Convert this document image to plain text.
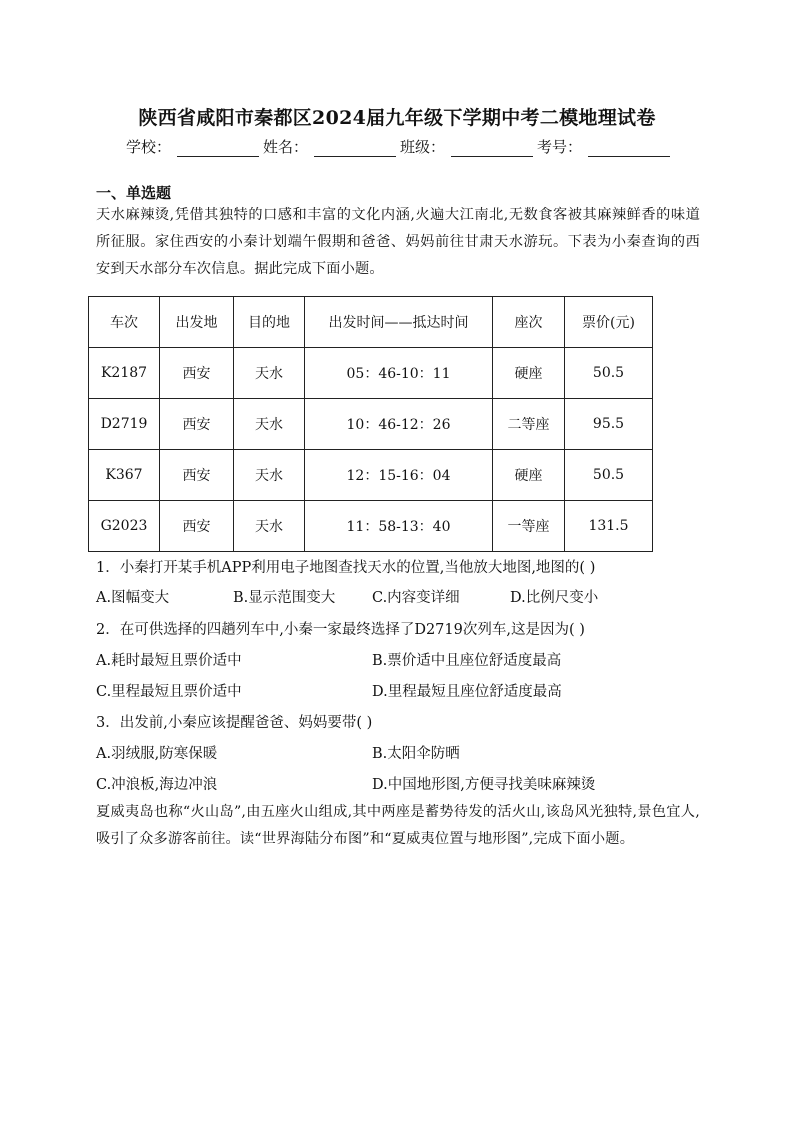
陕西省咸阳市秦都区2024届九年级下学期中考二模地理试卷
学校：	姓名：	班级：	考号：
一、单选题
天水麻辣烫,凭借其独特的口感和丰富的文化内涵,火遍大江南北,无数食客被其麻辣鲜香的味道所征服。家住西安的小秦计划端午假期和爸爸、妈妈前往甘肃天水游玩。下表为小秦查询的西安到天水部分车次信息。据此完成下面小题。
车次	出发地	目的地	出发时间——抵达时间	座次	票价(元)
K2187	西安	天水	05：46-10：11	硬座	50.5
D2719	西安	天水	10：46-12：26	二等座	95.5
K367	西安	天水	12：15-16：04	硬座	50.5
G2023	西安	天水	11：58-13：40	一等座	131.5
1．小秦打开某手机APP利用电子地图查找天水的位置,当他放大地图,地图的( )
A.图幅变大	B.显示范围变大	C.内容变详细	D.比例尺变小
2．在可供选择的四趟列车中,小秦一家最终选择了D2719次列车,这是因为( )
A.耗时最短且票价适中	B.票价适中且座位舒适度最高
C.里程最短且票价适中	D.里程最短且座位舒适度最高
3．出发前,小秦应该提醒爸爸、妈妈要带( )
A.羽绒服,防寒保暖	B.太阳伞防晒
C.冲浪板,海边冲浪	D.中国地形图,方便寻找美味麻辣烫
夏威夷岛也称“火山岛”,由五座火山组成,其中两座是蓄势待发的活火山,该岛风光独特,景色宜人,吸引了众多游客前往。读“世界海陆分布图”和“夏威夷位置与地形图”,完成下面小题。
